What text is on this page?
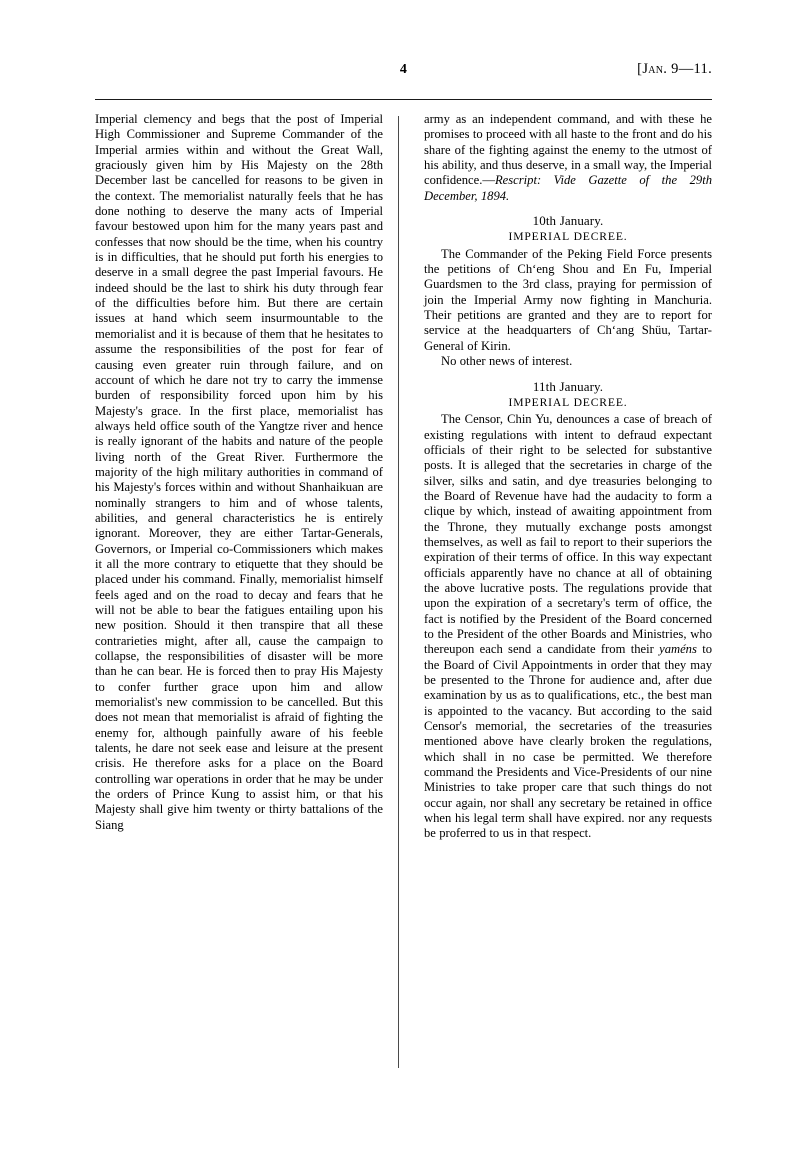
4	[Jan. 9—11.

Imperial clemency and begs that the post of Imperial High Commissioner and Supreme Commander of the Imperial armies within and without the Great Wall, graciously given him by His Majesty on the 28th December last be cancelled for reasons to be given in the context. The memorialist naturally feels that he has done nothing to deserve the many acts of Imperial favour bestowed upon him for the many years past and confesses that now should be the time, when his country is in difficulties, that he should put forth his energies to deserve in a small degree the past Imperial favours. He indeed should be the last to shirk his duty through fear of the difficulties before him. But there are certain issues at hand which seem insurmountable to the memorialist and it is because of them that he hesitates to assume the responsibilities of the post for fear of causing even greater ruin through failure, and on account of which he dare not try to carry the immense burden of responsibility forced upon him by his Majesty's grace. In the first place, memorialist has always held office south of the Yangtze river and hence is really ignorant of the habits and nature of the people living north of the Great River. Furthermore the majority of the high military authorities in command of his Majesty's forces within and without Shanhaikuan are nominally strangers to him and of whose talents, abilities, and general characteristics he is entirely ignorant. Moreover, they are either Tartar-Generals, Governors, or Imperial co-Commissioners which makes it all the more contrary to etiquette that they should be placed under his command. Finally, memorialist himself feels aged and on the road to decay and fears that he will not be able to bear the fatigues entailing upon his new position. Should it then transpire that all these contrarieties might, after all, cause the campaign to collapse, the responsibilities of disaster will be more than he can bear. He is forced then to pray His Majesty to confer further grace upon him and allow memorialist's new commission to be cancelled. But this does not mean that memorialist is afraid of fighting the enemy for, although painfully aware of his feeble talents, he dare not seek ease and leisure at the present crisis. He therefore asks for a place on the Board controlling war operations in order that he may be under the orders of Prince Kung to assist him, or that his Majesty shall give him twenty or thirty battalions of the Siang

army as an independent command, and with these he promises to proceed with all haste to the front and do his share of the fighting against the enemy to the utmost of his ability, and thus deserve, in a small way, the Imperial confidence.—Rescript: Vide Gazette of the 29th December, 1894.

10th January.

IMPERIAL DECREE.

The Commander of the Peking Field Force presents the petitions of Ch‘eng Shou and En Fu, Imperial Guardsmen to the 3rd class, praying for permission of join the Imperial Army now fighting in Manchuria. Their petitions are granted and they are to report for service at the headquarters of Ch‘ang Shüu, Tartar-General of Kirin.

No other news of interest.

11th January.

IMPERIAL DECREE.

The Censor, Chin Yu, denounces a case of breach of existing regulations with intent to defraud expectant officials of their right to be selected for substantive posts. It is alleged that the secretaries in charge of the silver, silks and satin, and dye treasuries belonging to the Board of Revenue have had the audacity to form a clique by which, instead of awaiting appointment from the Throne, they mutually exchange posts amongst themselves, as well as fail to report to their superiors the expiration of their terms of office. In this way expectant officials apparently have no chance at all of obtaining the above lucrative posts. The regulations provide that upon the expiration of a secretary's term of office, the fact is notified by the President of the Board concerned to the President of the other Boards and Ministries, who thereupon each send a candidate from their yaméns to the Board of Civil Appointments in order that they may be presented to the Throne for audience and, after due examination by us as to qualifications, etc., the best man is appointed to the vacancy. But according to the said Censor's memorial, the secretaries of the treasuries mentioned above have clearly broken the regulations, which shall in no case be permitted. We therefore command the Presidents and Vice-Presidents of our nine Ministries to take proper care that such things do not occur again, nor shall any secretary be retained in office when his legal term shall have expired. nor any requests be proferred to us in that respect.
